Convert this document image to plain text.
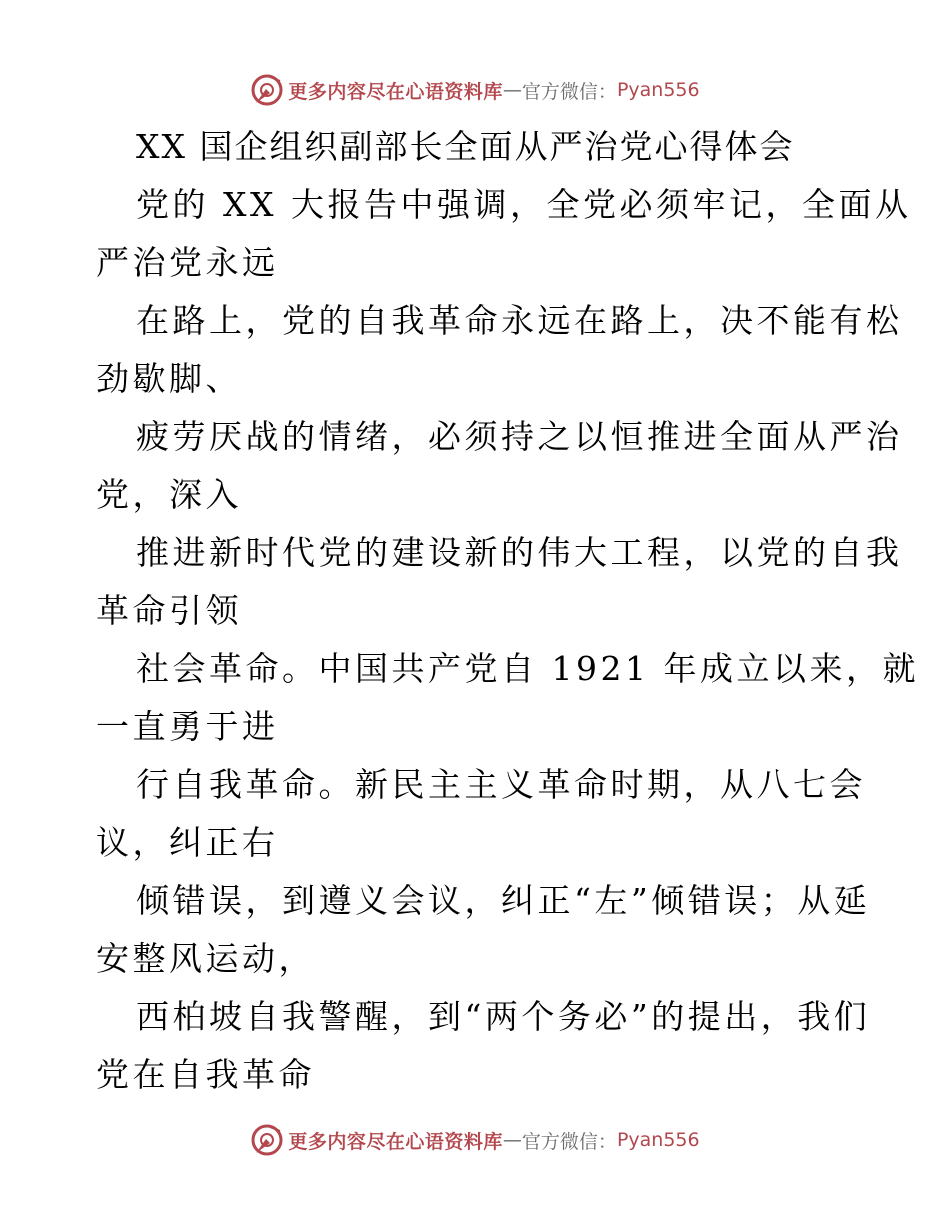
更多内容尽在心语资料库 — 官方微信： Pyan556
XX 国企组织副部长全面从严治党心得体会
党的 XX 大报告中强调，全党必须牢记，全面从
严治党永远
在路上，党的自我革命永远在路上，决不能有松
劲歇脚、
疲劳厌战的情绪，必须持之以恒推进全面从严治
党，深入
推进新时代党的建设新的伟大工程，以党的自我
革命引领
社会革命。中国共产党自 1921 年成立以来，就
一直勇于进
行自我革命。新民主主义革命时期，从八七会
议，纠正右
倾错误，到遵义会议，纠正“左”倾错误；从延
安整风运动，
西柏坡自我警醒，到“两个务必”的提出，我们
党在自我革命
更多内容尽在心语资料库 — 官方微信： Pyan556
